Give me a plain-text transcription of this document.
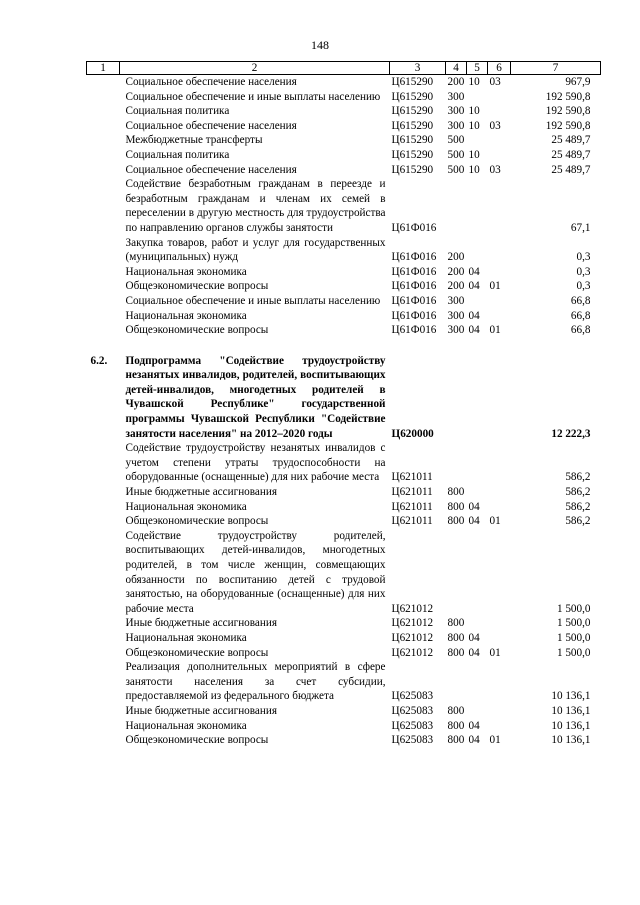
148
1	2	3	4	5	6	7
	Социальное обеспечение населения	Ц615290	200	10	03	967,9
	Социальное обеспечение и иные выплаты населению	Ц615290	300			192 590,8
	Социальная политика	Ц615290	300	10		192 590,8
	Социальное обеспечение населения	Ц615290	300	10	03	192 590,8
	Межбюджетные трансферты	Ц615290	500			25 489,7
	Социальная политика	Ц615290	500	10		25 489,7
	Социальное обеспечение населения	Ц615290	500	10	03	25 489,7
	Содействие безработным гражданам в переезде и безработным гражданам и членам их семей в переселении в другую местность для трудоустройства по направлению органов службы занятости	Ц61Ф016				67,1
	Закупка товаров, работ и услуг для государственных (муниципальных) нужд	Ц61Ф016	200			0,3
	Национальная экономика	Ц61Ф016	200	04		0,3
	Общеэкономические вопросы	Ц61Ф016	200	04	01	0,3
	Социальное обеспечение и иные выплаты населению	Ц61Ф016	300			66,8
	Национальная экономика	Ц61Ф016	300	04		66,8
	Общеэкономические вопросы	Ц61Ф016	300	04	01	66,8

6.2.	Подпрограмма "Содействие трудоустройству незанятых инвалидов, родителей, воспитывающих детей-инвалидов, многодетных родителей в Чувашской Республике" государственной программы Чувашской Республики "Содействие занятости населения" на 2012–2020 годы	Ц620000				12 222,3
	Содействие трудоустройству незанятых инвалидов с учетом степени утраты трудоспособности на оборудованные (оснащенные) для них рабочие места	Ц621011				586,2
	Иные бюджетные ассигнования	Ц621011	800			586,2
	Национальная экономика	Ц621011	800	04		586,2
	Общеэкономические вопросы	Ц621011	800	04	01	586,2
	Содействие трудоустройству родителей, воспитывающих детей-инвалидов, многодетных родителей, в том числе женщин, совмещающих обязанности по воспитанию детей с трудовой занятостью, на оборудованные (оснащенные) для них рабочие места	Ц621012				1 500,0
	Иные бюджетные ассигнования	Ц621012	800			1 500,0
	Национальная экономика	Ц621012	800	04		1 500,0
	Общеэкономические вопросы	Ц621012	800	04	01	1 500,0
	Реализация дополнительных мероприятий в сфере занятости населения за счет субсидии, предоставляемой из федерального бюджета	Ц625083				10 136,1
	Иные бюджетные ассигнования	Ц625083	800			10 136,1
	Национальная экономика	Ц625083	800	04		10 136,1
	Общеэкономические вопросы	Ц625083	800	04	01	10 136,1
